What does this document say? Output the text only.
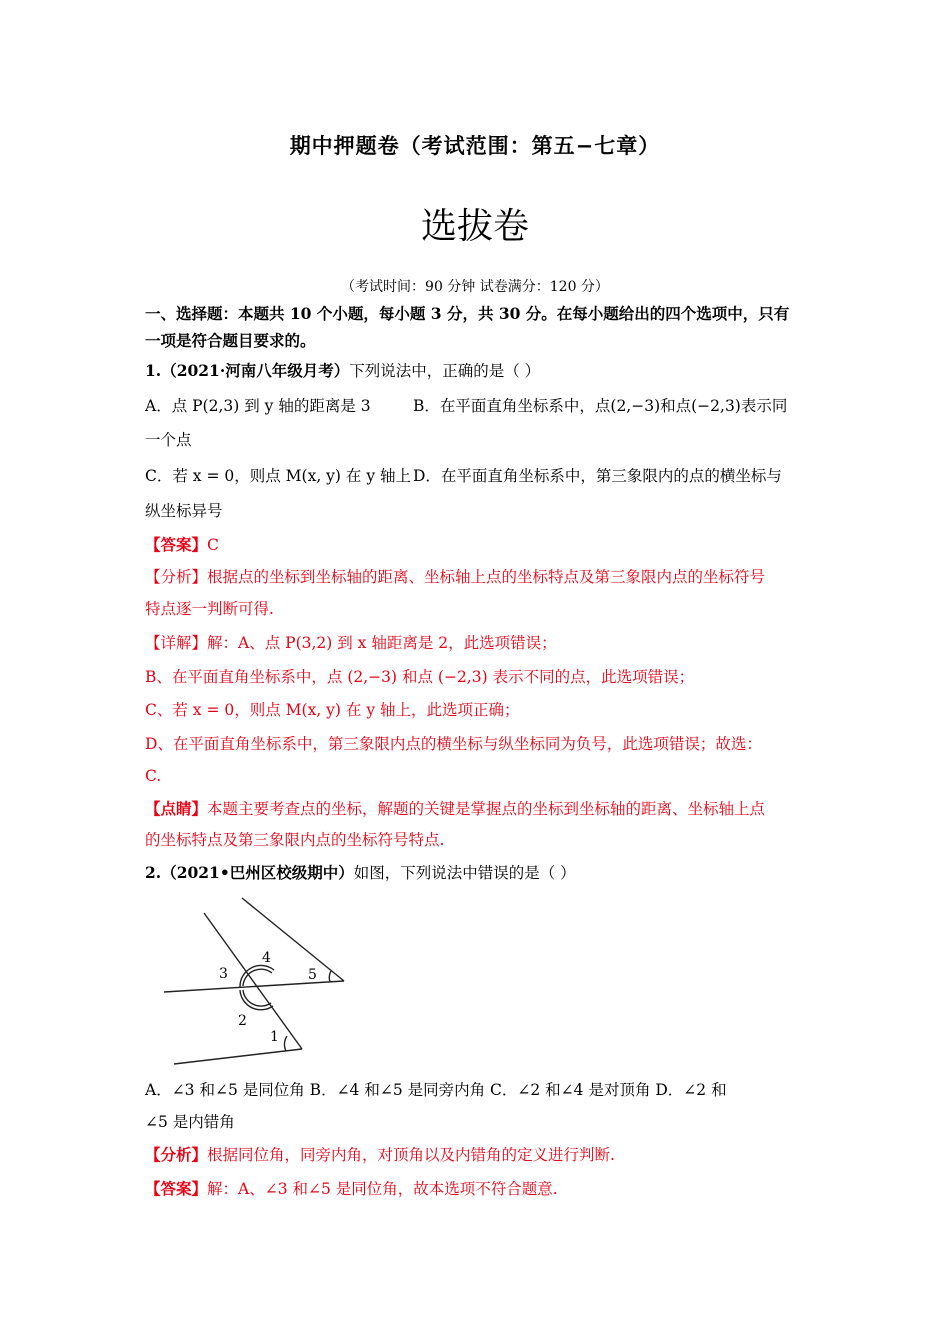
期中押题卷（考试范围：第五−七章）
选拔卷
（考试时间：90 分钟 试卷满分：120 分）
一、选择题：本题共 10 个小题，每小题 3 分，共 30 分。在每小题给出的四个选项中，只有
一项是符合题目要求的。
1.（2021·河南八年级月考）下列说法中，正确的是（ ）
A．点 P(2,3) 到 y 轴的距离是 3	B．在平面直角坐标系中，点(2,−3)和点(−2,3)表示同
一个点
C．若 x = 0，则点 M(x, y) 在 y 轴上 D．在平面直角坐标系中，第三象限内的点的横坐标与
纵坐标异号
【答案】C
【分析】根据点的坐标到坐标轴的距离、坐标轴上点的坐标特点及第三象限内点的坐标符号
特点逐一判断可得.
【详解】解：A、点 P(3,2) 到 x 轴距离是 2，此选项错误；
B、在平面直角坐标系中，点 (2,−3) 和点 (−2,3) 表示不同的点，此选项错误；
C、若 x = 0，则点 M(x, y) 在 y 轴上，此选项正确；
D、在平面直角坐标系中，第三象限内点的横坐标与纵坐标同为负号，此选项错误；故选：
C.
【点睛】本题主要考查点的坐标，解题的关键是掌握点的坐标到坐标轴的距离、坐标轴上点
的坐标特点及第三象限内点的坐标符号特点.
2.（2021•巴州区校级期中）如图，下列说法中错误的是（ ）
1
2
3
4
5
A．∠3 和∠5 是同位角 B．∠4 和∠5 是同旁内角 C．∠2 和∠4 是对顶角 D．∠2 和
∠5 是内错角
【分析】根据同位角，同旁内角，对顶角以及内错角的定义进行判断.
【答案】解：A、∠3 和∠5 是同位角，故本选项不符合题意.
